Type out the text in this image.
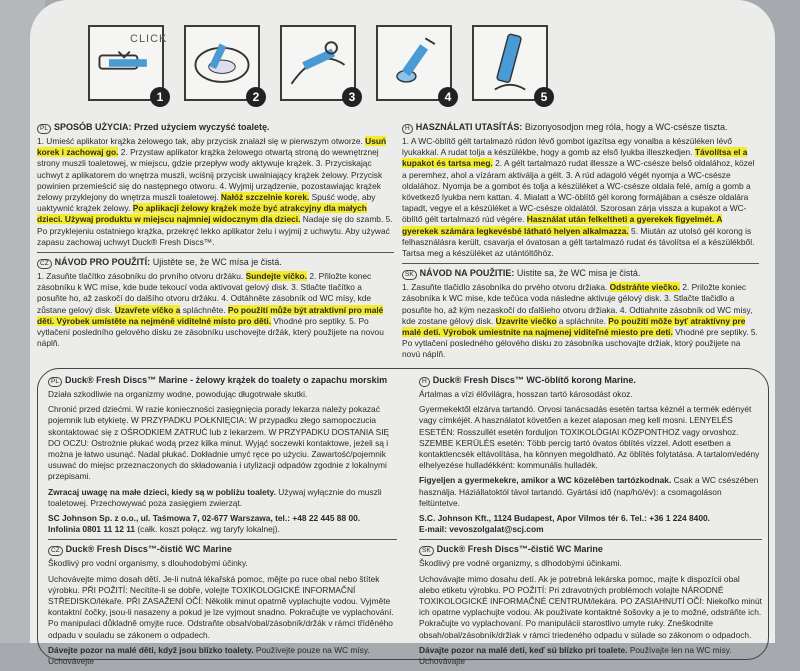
CLICK
1	2	3	4	5
PL SPOSÓB UŻYCIA: Przed użyciem wyczyść toaletę.

1. Umieść aplikator krążka żelowego tak, aby przycisk znalazł się w pierwszym otworze. Usuń korek i zachowaj go. 2. Przystaw aplikator krążka żelowego otwartą stroną do wewnętrznej strony muszli toaletowej, w miejscu, gdzie przepływ wody aktywuje krążek. 3. Przyciskając uchwyt z aplikatorem do wnętrza muszli, wciśnij przycisk uwalniający krążek żelowy. Przycisk powinien przemieścić się do następnego otworu. 4. Wyjmij urządzenie, pozostawiając krążek żelowy przyklejony do wnętrza muszli toaletowej. Nałóż szczelnie korek. Spuść wodę, aby uaktywnić krążek żelowy. Po aplikacji żelowy krążek może być atrakcyjny dla małych dzieci. Używaj produktu w miejscu najmniej widocznym dla dzieci. Nadaje się do szamb. 5. Po przyklejeniu ostatniego krążka, przekręć lekko aplikator żelu i wyjmij z uchwytu. Aby używać zapasu zachowaj uchwyt Duck® Fresh Discs™.

CZ NÁVOD PRO POUŽITÍ: Ujistěte se, že WC mísa je čistá.

1. Zasuňte tlačítko zásobníku do prvního otvoru držáku. Sundejte víčko. 2. Přiložte konec zásobníku k WC míse, kde bude tekoucí voda aktivovat gelový disk. 3. Stlačte tlačítko a posuňte ho, až zaskočí do dalšího otvoru držáku. 4. Odtáhněte zásobník od WC mísy, kde zůstane gelový disk. Uzavřete víčko a spláchněte. Po použití může být atraktivní pro malé děti. Výrobek umístěte na nejméně viditelné místo pro děti. Vhodné pro septiky. 5. Po vytlačení posledního gelového disku ze zásobníku uschovejte držák, který použijete na novou náplň.

H HASZNÁLATI UTASÍTÁS: Bizonyosodjon meg róla, hogy a WC-csésze tiszta.

1. A WC-öblítő gélt tartalmazó rúdon lévő gombot igazítsa egy vonalba a készüléken lévő lyukakkal. A rudat tolja a készülékbe, hogy a gomb az első lyukba illeszkedjen. Távolítsa el a kupakot és tartsa meg. 2. A gélt tartalmazó rudat illessze a WC-csésze belső oldalához, közel a peremhez, ahol a vízáram aktiválja a gélt. 3. A rúd adagoló végét nyomja a WC-csésze oldalához. Nyomja be a gombot és tolja a készüléket a WC-csésze oldala felé, amíg a gomb a következő lyukba nem kattan. 4. Mialatt a WC-öblítő gél korong formájában a csésze oldalára tapadt, vegye el a készüléket a WC-csésze oldalától. Szorosan zárja vissza a kupakot a WC-öblítő gélt tartalmazó rúd végére. Használat után felkeltheti a gyerekek figyelmét. A gyerekek számára legkevésbé látható helyen alkalmazza. 5. Miután az utolsó gél korong is felhasználásra került, csavarja el óvatosan a gélt tartalmazó rudat és távolítsa el a készülékből. Tartsa meg a készüléket az utántöltőhöz.

SK NÁVOD NA POUŽITIE: Uistite sa, že WC misa je čistá.

1. Zasuňte tlačidlo zásobníka do prvého otvoru držiaka. Odstráňte viečko. 2. Priložte koniec zásobníka k WC mise, kde tečúca voda následne aktivuje gélový disk. 3. Stlačte tlačidlo a posuňte ho, až kým nezaskočí do ďalšieho otvoru držiaka. 4. Odtiahnite zásobník od WC misy, kde zostane gélový disk. Uzavrite viečko a spláchnite. Po použití môže byť atraktívny pre malé deti. Výrobok umiestnite na najmenej viditeľné miesto pre deti. Vhodné pre septiky. 5. Po vytlačení posledného gélového disku zo zásobníka uschovajte držiak, ktorý použijete na novú náplň.

PL Duck® Fresh Discs™ Marine - żelowy krążek do toalety o zapachu morskim

Działa szkodliwie na organizmy wodne, powodując długotrwałe skutki.

Chronić przed dziećmi. W razie konieczności zasięgnięcia porady lekarza należy pokazać pojemnik lub etykietę. W PRZYPADKU POŁKNIĘCIA: W przypadku złego samopoczucia skontaktować się z OŚRODKIEM ZATRUĆ lub z lekarzem. W PRZYPADKU DOSTANIA SIĘ DO OCZU: Ostrożnie płukać wodą przez kilka minut. Wyjąć soczewki kontaktowe, jeżeli są i można je łatwo usunąć. Nadal płukać. Dokładnie umyć ręce po użyciu. Zawartość/pojemnik usuwać do miejsc przeznaczonych do składowania i utylizacji odpadów zgodnie z lokalnymi przepisami.

Zwracaj uwagę na małe dzieci, kiedy są w pobliżu toalety. Używaj wyłącznie do muszli toaletowej. Przechowywać poza zasięgiem zwierząt.

SC Johnson Sp. z o.o., ul. Taśmowa 7, 02-677 Warszawa, tel.: +48 22 445 88 00.

Infolinia 0801 11 12 11 (całk. koszt połącz. wg taryfy lokalnej).

CZ Duck® Fresh Discs™-čistič WC Marine

Škodlivý pro vodní organismy, s dlouhodobými účinky.

Uchovávejte mimo dosah dětí. Je-li nutná lékařská pomoc, mějte po ruce obal nebo štítek výrobku. PŘI POŽITÍ: Necítíte-li se dobře, volejte TOXIKOLOGICKÉ INFORMAČNÍ STŘEDISKO/lékaře. PŘI ZASAŽENÍ OČÍ: Několik minut opatrně vyplachujte vodou. Vyjměte kontaktní čočky, jsou-li nasazeny a pokud je lze vyjmout snadno. Pokračujte ve vyplachování. Po manipulaci důkladně omyjte ruce. Odstraňte obsah/obal/zásobník/držák v rámci tříděného odpadu v souladu se zákonem o odpadech.

Dávejte pozor na malé děti, když jsou blízko toalety. Používejte pouze na WC mísy. Uchovávejte

H Duck® Fresh Discs™ WC-öblítő korong Marine.

Ártalmas a vízi élővilágra, hosszan tartó károsodást okoz.

Gyermekektől elzárva tartandó. Orvosi tanácsadás esetén tartsa kéznél a termék edényét vagy címkéjét. A használatot követően a kezet alaposan meg kell mosni. LENYELÉS ESETÉN: Rosszullét esetén forduljon TOXIKOLÓGIAI KÖZPONTHOZ vagy orvoshoz. SZEMBE KERÜLÉS esetén: Több percig tartó óvatos öblítés vízzel. Adott esetben a kontaktlencsék eltávolítása, ha könnyen megoldható. Az öblítés folytatása. A tartalom/edény elhelyezése hulladékként: kommunális hulladék.

Figyeljen a gyermekekre, amikor a WC közelében tartózkodnak. Csak a WC csészében használja. Háziállatoktól távol tartandó. Gyártási idő (nap/hó/év): a csomagoláson feltüntetve.

S.C. Johnson Kft., 1124 Budapest, Apor Vilmos tér 6. Tel.: +36 1 224 8400.

E-mail: vevoszolgalat@scj.com

SK Duck® Fresh Discs™-čistič WC Marine

Škodlivý pre vodné organizmy, s dlhodobými účinkami.

Uchovávajte mimo dosahu detí. Ak je potrebná lekárska pomoc, majte k dispozícii obal alebo etiketu výrobku. PO POŽITÍ: Pri zdravotných problémoch volajte NÁRODNÉ TOXIKOLOGICKÉ INFORMAČNÉ CENTRUM/lekára. PO ZASIAHNUTÍ OČÍ: Niekoľko minút ich opatrne vyplachujte vodou. Ak používate kontaktné šošovky a je to možné, odstráňte ich. Pokračujte vo vyplachovaní. Po manipulácii starostlivo umyte ruky. Zneškodnite obsah/obal/zásobník/držiak v rámci triedeného odpadu v súlade so zákonom o odpadoch.

Dávajte pozor na malé deti, keď sú blízko pri toalete. Používajte len na WC misy. Uchovávajte
